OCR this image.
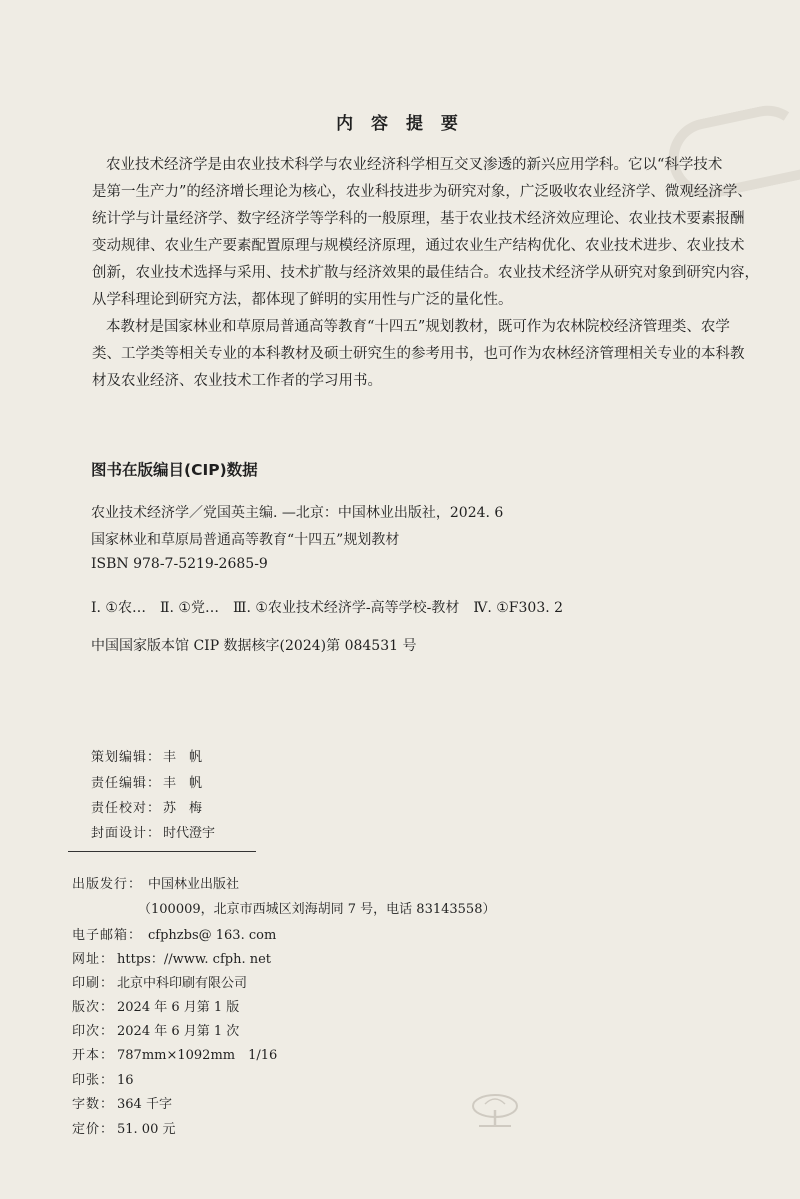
内 容 提 要
农业技术经济学是由农业技术科学与农业经济科学相互交叉渗透的新兴应用学科。它以“科学技术
是第一生产力”的经济增长理论为核心，农业科技进步为研究对象，广泛吸收农业经济学、微观经济学、
统计学与计量经济学、数字经济学等学科的一般原理，基于农业技术经济效应理论、农业技术要素报酬
变动规律、农业生产要素配置原理与规模经济原理，通过农业生产结构优化、农业技术进步、农业技术
创新，农业技术选择与采用、技术扩散与经济效果的最佳结合。农业技术经济学从研究对象到研究内容，
从学科理论到研究方法，都体现了鲜明的实用性与广泛的量化性。
本教材是国家林业和草原局普通高等教育“十四五”规划教材，既可作为农林院校经济管理类、农学
类、工学类等相关专业的本科教材及硕士研究生的参考用书，也可作为农林经济管理相关专业的本科教
材及农业经济、农业技术工作者的学习用书。
图书在版编目(CIP)数据
农业技术经济学／党国英主编. —北京：中国林业出版社，2024. 6
国家林业和草原局普通高等教育“十四五”规划教材
ISBN 978-7-5219-2685-9
Ⅰ. ①农…　Ⅱ. ①党…　Ⅲ. ①农业技术经济学-高等学校-教材　Ⅳ. ①F303. 2
中国国家版本馆 CIP 数据核字(2024)第 084531 号
策划编辑： 丰　帆
责任编辑： 丰　帆
责任校对： 苏　梅
封面设计： 时代澄宇
出版发行： 中国林业出版社
（100009，北京市西城区刘海胡同 7 号，电话 83143558）
电子邮箱： cfphzbs@ 163. com
网址： https：//www. cfph. net
印刷： 北京中科印刷有限公司
版次： 2024 年 6 月第 1 版
印次： 2024 年 6 月第 1 次
开本： 787mm×1092mm　1/16
印张： 16
字数： 364 千字
定价： 51. 00 元
